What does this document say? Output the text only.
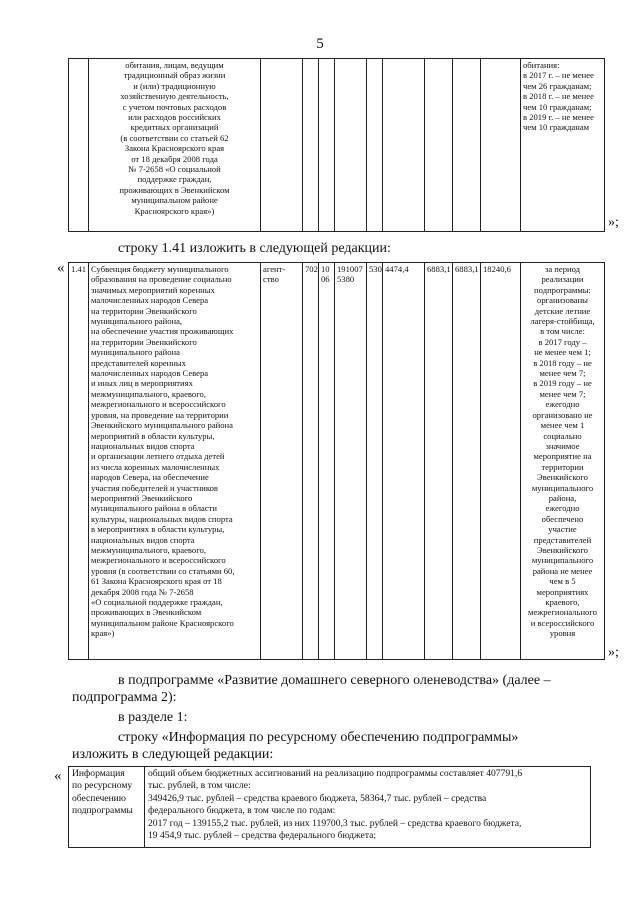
5
	обитания, лицам, ведущим
традиционный образ жизни
и (или) традиционную
хозяйственную деятельность,
с учетом почтовых расходов
или расходов российских
кредитных организаций
(в соответствии со статьей 62
Закона Красноярского края
от 18 декабря 2008 года
№ 7-2658 «О социальной
поддержке граждан,
проживающих в Эвенкийском
муниципальном районе
Красноярского края»)										обитания:
в 2017 г. – не менее
чем 26 гражданам;
в 2018 г. – не менее
чем 10 гражданам;
в 2019 г. – не менее
чем 10 гражданам
»;
строку 1.41 изложить в следующей редакции:
« 1.41	Субвенция бюджету муниципального
образования на проведение социально
значимых мероприятий коренных
малочисленных народов Севера
на территории Эвенкийского
муниципального района,
на обеспечение участия проживающих
на территории Эвенкийского
муниципального района
представителей коренных
малочисленных народов Севера
и иных лиц в мероприятиях
межмуниципального, краевого,
межрегионального и всероссийского
уровня, на проведение на территории
Эвенкийского муниципального района
мероприятий в области культуры,
национальных видов спорта
и организации летнего отдыха детей
из числа коренных малочисленных
народов Севера, на обеспечение
участия победителей и участников
мероприятий Эвенкийского
муниципального района в области
культуры, национальных видов спорта
в мероприятиях в области культуры,
национальных видов спорта
межмуниципального, краевого,
межрегионального и всероссийского
уровня (в соответствии со статьями 60,
61 Закона Красноярского края от 18
декабря 2008 года № 7-2658
«О социальной поддержке граждан,
проживающих в Эвенкийском
муниципальном районе Красноярского
края»)	агент-
ство	702	10
06	191007
5380	530	4474,4	6883,1	6883,1	18240,6	за период
реализации
подпрограммы:
организованы
детские летние
лагеря-стойбища,
в том числе:
в 2017 году –
не менее чем 1;
в 2018 году – не
менее чем 7;
в 2019 году – не
менее чем 7;
ежегодно
организовано не
менее чем 1
социально
значимое
мероприятие на
территории
Эвенкийского
муниципального
района,
ежегодно
обеспечено
участие
представителей
Эвенкийского
муниципального
района не менее
чем в 5
мероприятиях
краевого,
межрегионального
и всероссийского
уровня
»;
в подпрограмме «Развитие домашнего северного оленеводства» (далее –
подпрограмма 2):
в разделе 1:
строку «Информация по ресурсному обеспечению подпрограммы»
изложить в следующей редакции:
« Информация
по ресурсному
обеспечению
подпрограммы	общий объем бюджетных ассигнований на реализацию подпрограммы составляет 407791,6
тыс. рублей, в том числе:
349426,9 тыс. рублей – средства краевого бюджета, 58364,7 тыс. рублей – средства
федерального бюджета, в том числе по годам:
2017 год – 139155,2 тыс. рублей, из них 119700,3 тыс. рублей – средства краевого бюджета,
19 454,9 тыс. рублей – средства федерального бюджета;
